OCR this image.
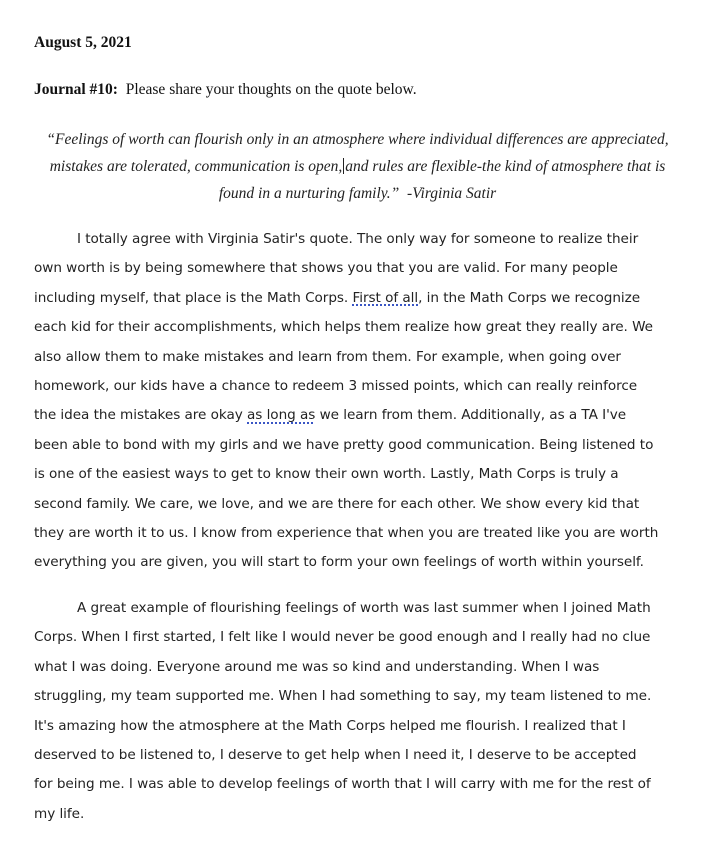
August 5, 2021
Journal #10: Please share your thoughts on the quote below.
“Feelings of worth can flourish only in an atmosphere where individual differences are appreciated, mistakes are tolerated, communication is open, and rules are flexible-the kind of atmosphere that is found in a nurturing family.” -Virginia Satir
I totally agree with Virginia Satir's quote. The only way for someone to realize their own worth is by being somewhere that shows you that you are valid. For many people including myself, that place is the Math Corps. First of all, in the Math Corps we recognize each kid for their accomplishments, which helps them realize how great they really are. We also allow them to make mistakes and learn from them. For example, when going over homework, our kids have a chance to redeem 3 missed points, which can really reinforce the idea the mistakes are okay as long as we learn from them. Additionally, as a TA I've been able to bond with my girls and we have pretty good communication. Being listened to is one of the easiest ways to get to know their own worth. Lastly, Math Corps is truly a second family. We care, we love, and we are there for each other. We show every kid that they are worth it to us. I know from experience that when you are treated like you are worth everything you are given, you will start to form your own feelings of worth within yourself.
A great example of flourishing feelings of worth was last summer when I joined Math Corps. When I first started, I felt like I would never be good enough and I really had no clue what I was doing. Everyone around me was so kind and understanding. When I was struggling, my team supported me. When I had something to say, my team listened to me. It's amazing how the atmosphere at the Math Corps helped me flourish. I realized that I deserved to be listened to, I deserve to get help when I need it, I deserve to be accepted for being me. I was able to develop feelings of worth that I will carry with me for the rest of my life.
